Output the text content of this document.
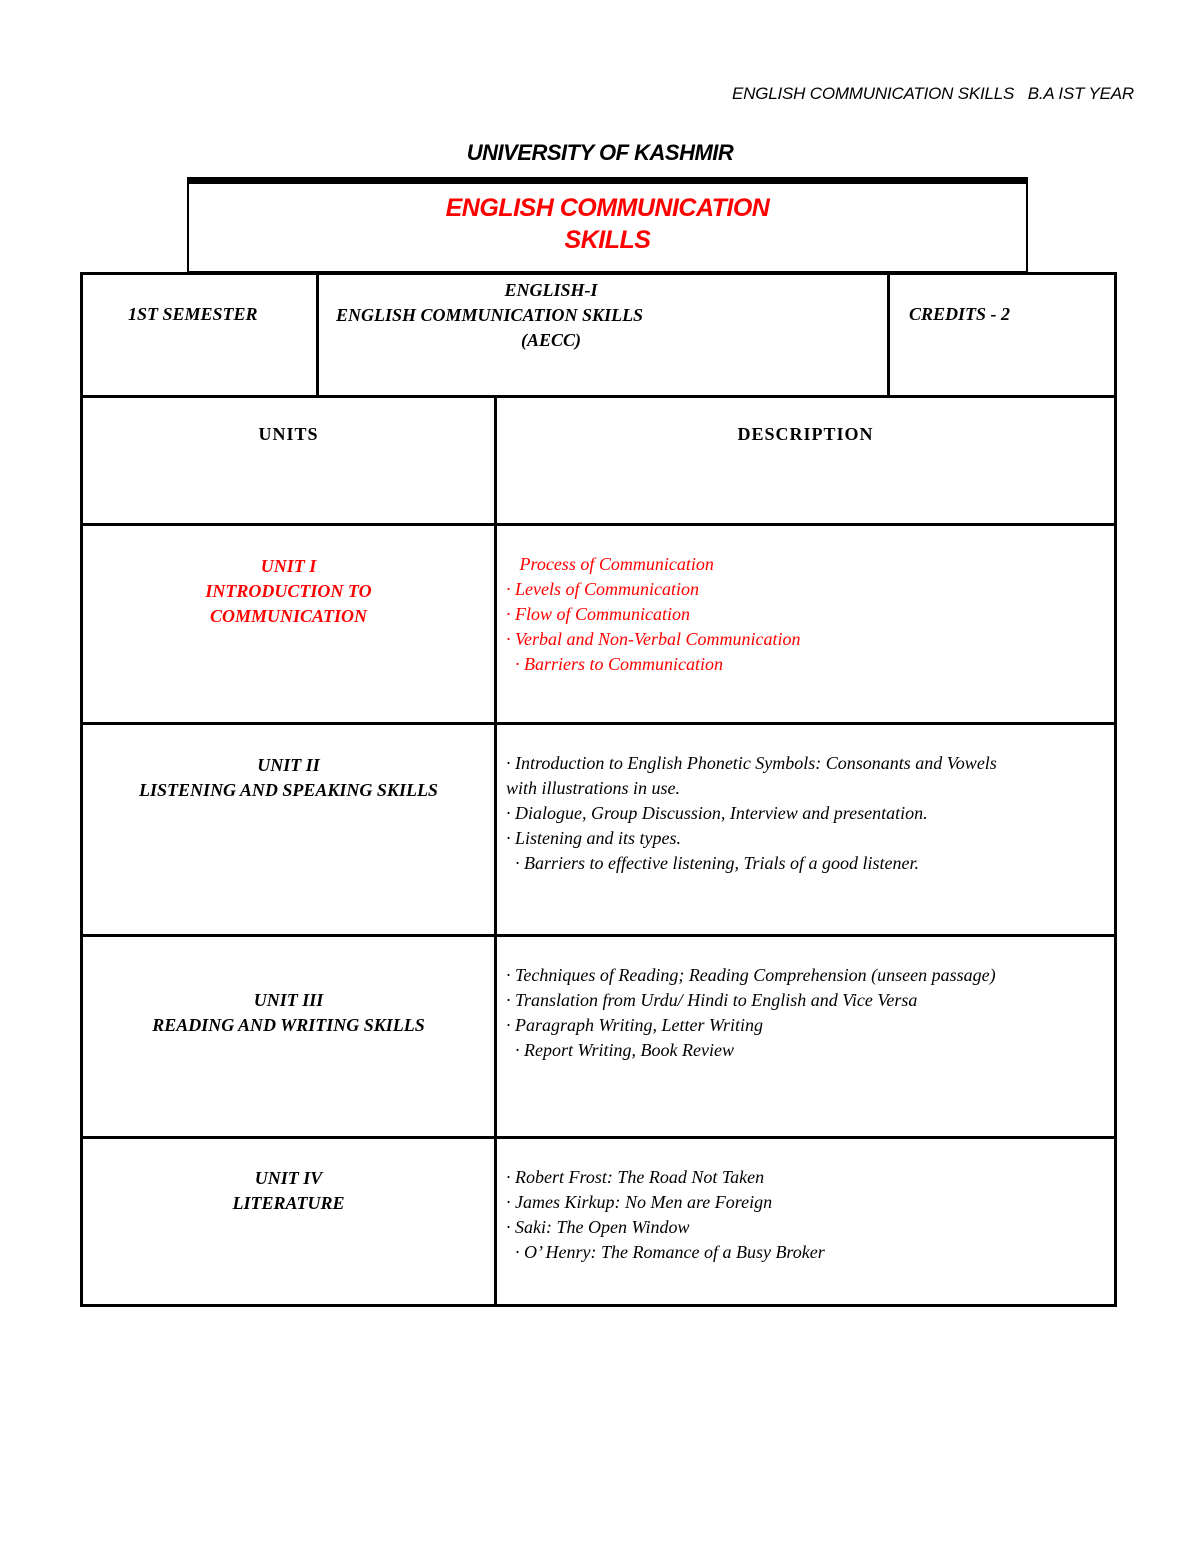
ENGLISH COMMUNICATION SKILLS   B.A IST YEAR
UNIVERSITY OF KASHMIR
ENGLISH COMMUNICATION
SKILLS
1ST SEMESTER
ENGLISH-I
ENGLISH COMMUNICATION SKILLS
(AECC)
CREDITS - 2
UNITS	DESCRIPTION
UNIT I
INTRODUCTION TO
COMMUNICATION
Process of Communication
· Levels of Communication
· Flow of Communication
· Verbal and Non-Verbal Communication
· Barriers to Communication
UNIT II
LISTENING AND SPEAKING SKILLS
· Introduction to English Phonetic Symbols: Consonants and Vowels
with illustrations in use.
· Dialogue, Group Discussion, Interview and presentation.
· Listening and its types.
· Barriers to effective listening, Trials of a good listener.
UNIT III
READING AND WRITING SKILLS
· Techniques of Reading; Reading Comprehension (unseen passage)
· Translation from Urdu/ Hindi to English and Vice Versa
· Paragraph Writing, Letter Writing
· Report Writing, Book Review
UNIT IV
LITERATURE
· Robert Frost: The Road Not Taken
· James Kirkup: No Men are Foreign
· Saki: The Open Window
· O’ Henry: The Romance of a Busy Broker
